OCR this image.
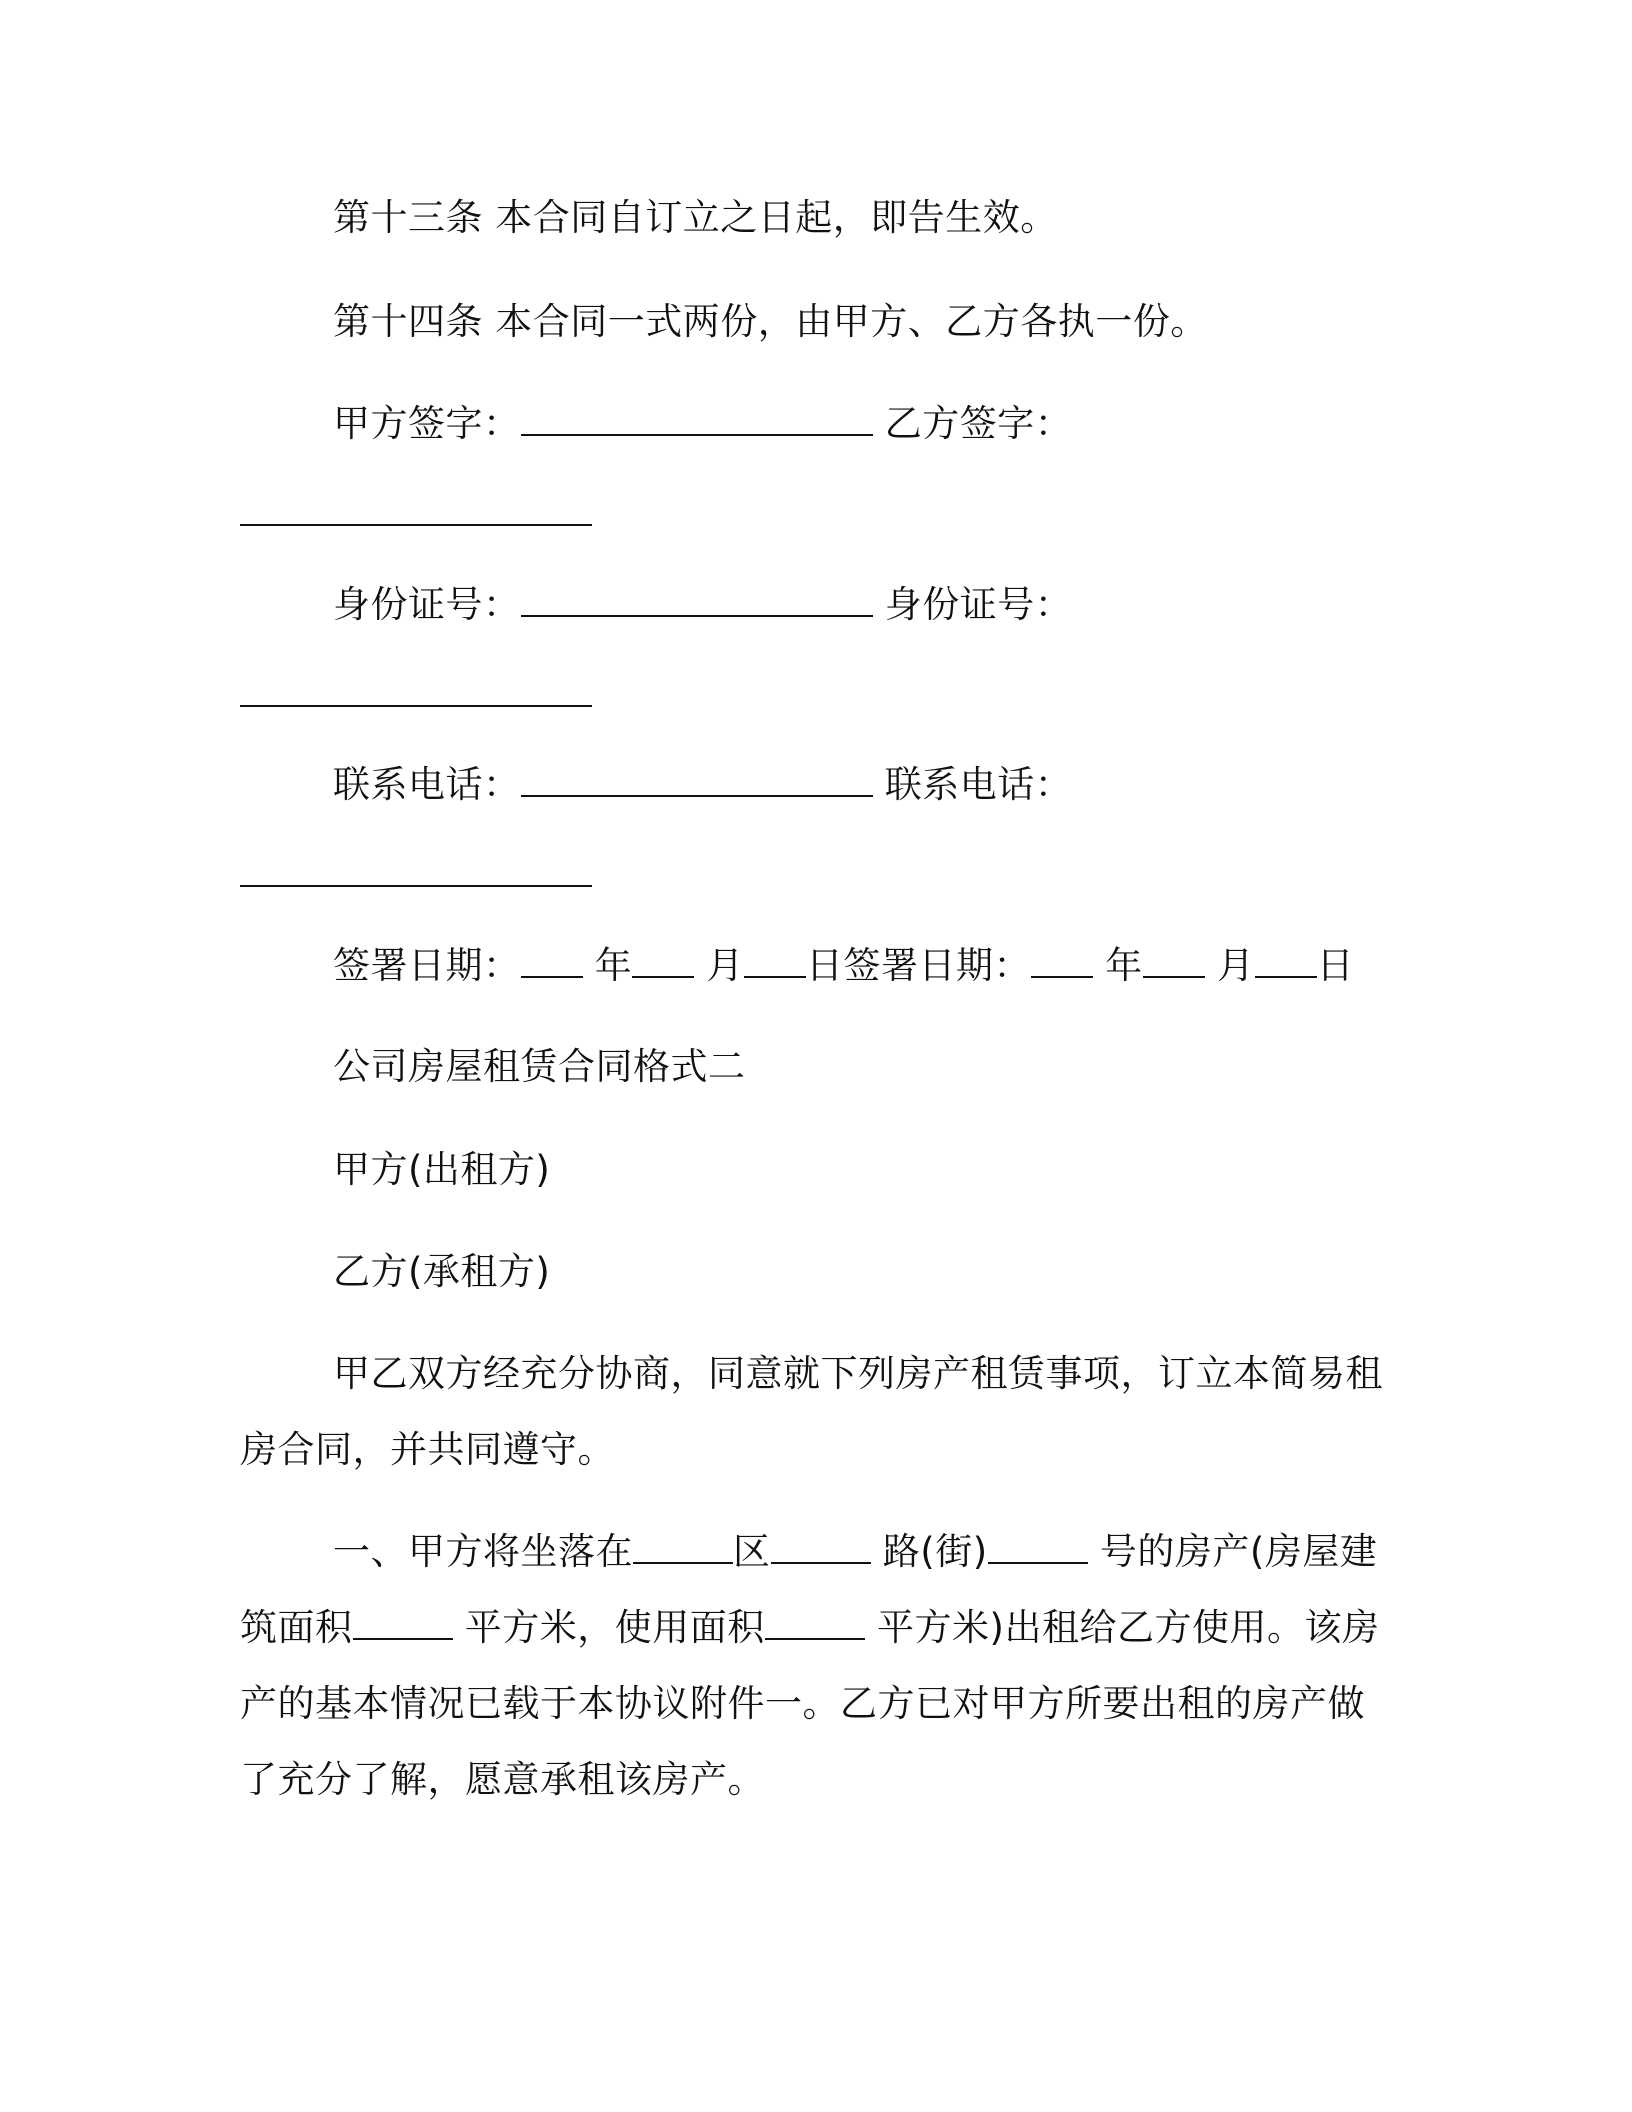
第十三条 本合同自订立之日起，即告生效。
第十四条 本合同一式两份，由甲方、乙方各执一份。
甲方签字：	乙方签字：
身份证号：	身份证号：
联系电话：	联系电话：
签署日期： 年 月 日签署日期： 年 月 日
公司房屋租赁合同格式二
甲方(出租方)
乙方(承租方)
甲乙双方经充分协商，同意就下列房产租赁事项，订立本简易租
房合同，并共同遵守。
一、甲方将坐落在	区	路(街)	号的房产(房屋建
筑面积	平方米，使用面积	平方米)出租给乙方使用。该房
产的基本情况已载于本协议附件一。乙方已对甲方所要出租的房产做
了充分了解，愿意承租该房产。
